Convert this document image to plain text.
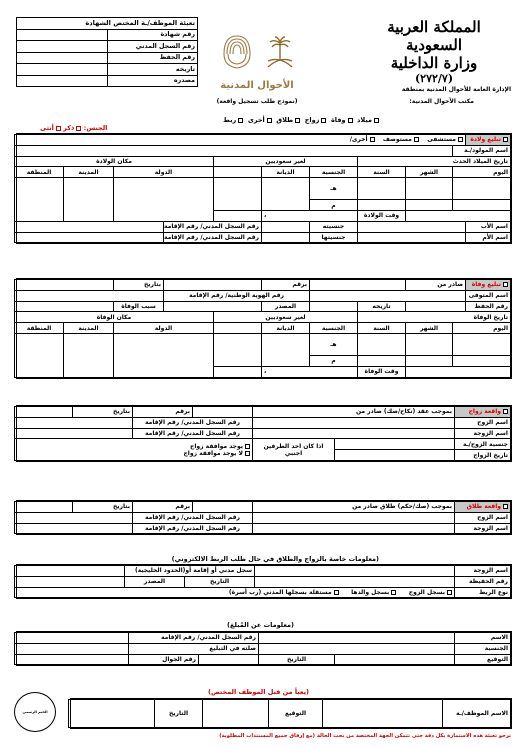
المملكة العربية السعودية
وزارة الداخلية
(٢٧٢/٧)
الإدارة العامة للأحوال المدنية بمنطقة
مكتب الأحوال المدنية:
الأحوال المدنية
(نموذج طلب تسجيل واقعة)
تعبئة الموظف/ـة المختص الشهادة	
رقم شهادة	
رقم السجل المدني	
رقم الحفظ	
تاريخه	
مصدره	
ميلاد  وفاة  زواج  طلاق  أخرى  ربط
الجنس: ذكر أنثى
تبليغ ولادة	مستشفى    مستوصف    أخرى/									
اسم المولود/ـة										
تاريخ الميلاد الحدث				لغير سعوديين			مكان الولادة			
اليوم		الشهر	السنة	الجنسية	الديانة		الدولة		المدينة	المنطقة
				هـ						
				م						
			وقت الولادة	،						
اسم الأب				جنسيته		رقم السجل المدني/ رقم الإقامة				
اسم الأم				جنسيتها		رقم السجل المدني/ رقم الإقامة				
تبليغ وفاة	صادر من				برقم			بتاريخ		
اسم المتوفى					رقم الهوية الوطنية/ رقم الإقامة					
رقم الحفظ			تاريخه		المصدر			سبب الوفاة		
تاريخ الوفاة				لغير سعوديين			مكان الوفاة			
اليوم		الشهر	السنة	الجنسية	الديانة		الدولة		المدينة	المنطقة
				هـ						
				م						
			وقت الوفاة	،						
واقعة زواج	بموجب عقد (نكاح/صك) صادر من			برقم	بتاريخ	
اسم الزوج			رقم السجل المدني/ رقم الإقامة			
اسم الزوجة			رقم السجل المدني/ رقم الإقامة			
جنسية الزوج/ـة		اذا كان احد الطرفين اجنبي	يوجد موافقة زواج
لا يوجد موافقة زواج			

تاريخ الزواج						
واقعة طلاق	بموجب (صك/حكم) طلاق صادر من		برقم	بتاريخ	
اسم الزوج		رقم السجل المدني/ رقم الإقامة			
اسم الزوجة		رقم السجل المدني/ رقم الإقامة			
(معلومات خاصة بالزواج والطلاق في حال طلب الربط الالكتروني)
اسم الزوجة		سجل مدني أو إقامة أو(الحدود الخليجية)		
رقم الحفيظة		التاريخ	المصدر	
نوع الربط	بسجل الزوج      بسجل والدها      مستقلة بسجلها المدني (رب أسرة)			
(معلومات عن المُبلغ)
الاسم			رقم السجل المدني/ رقم الإقامة		
الجنسية			صلته في التبليغ		
التوقيع		التاريخ		رقم الجوال	
(يعبأ من قبل الموظف المختص)
الاسم الموظف/ـة		التوقيع		التاريخ	
الختم الرسمي
نرجو تعبئة هذه الاستمارة بكل دقة حتى تتمكن الجهة المختصة من بحث الحالة (مع إرفاق جميع المستندات المطلوبة)
